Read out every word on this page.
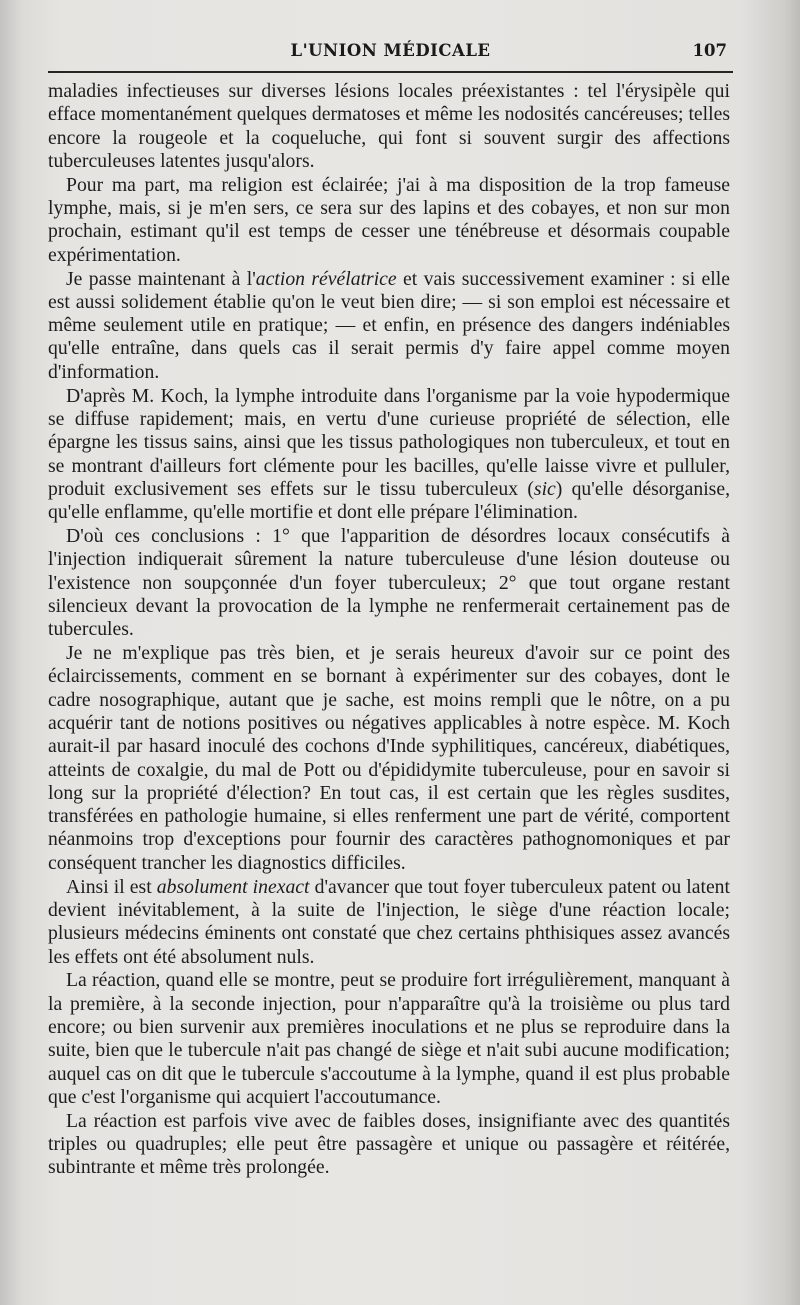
L'UNION MÉDICALE	107

maladies infectieuses sur diverses lésions locales préexistantes : tel l'érysipèle qui efface momentanément quelques dermatoses et même les nodosités cancéreuses; telles encore la rougeole et la coqueluche, qui font si souvent surgir des affections tuberculeuses latentes jusqu'alors.

Pour ma part, ma religion est éclairée; j'ai à ma disposition de la trop fameuse lymphe, mais, si je m'en sers, ce sera sur des lapins et des cobayes, et non sur mon prochain, estimant qu'il est temps de cesser une ténébreuse et désormais coupable expérimentation.

Je passe maintenant à l'action révélatrice et vais successivement examiner : si elle est aussi solidement établie qu'on le veut bien dire; — si son emploi est nécessaire et même seulement utile en pratique; — et enfin, en présence des dangers indéniables qu'elle entraîne, dans quels cas il serait permis d'y faire appel comme moyen d'information.

D'après M. Koch, la lymphe introduite dans l'organisme par la voie hypodermique se diffuse rapidement; mais, en vertu d'une curieuse propriété de sélection, elle épargne les tissus sains, ainsi que les tissus pathologiques non tuberculeux, et tout en se montrant d'ailleurs fort clémente pour les bacilles, qu'elle laisse vivre et pulluler, produit exclusivement ses effets sur le tissu tuberculeux (sic) qu'elle désorganise, qu'elle enflamme, qu'elle mortifie et dont elle prépare l'élimination.

D'où ces conclusions : 1° que l'apparition de désordres locaux consécutifs à l'injection indiquerait sûrement la nature tuberculeuse d'une lésion douteuse ou l'existence non soupçonnée d'un foyer tuberculeux; 2° que tout organe restant silencieux devant la provocation de la lymphe ne renfermerait certainement pas de tubercules.

Je ne m'explique pas très bien, et je serais heureux d'avoir sur ce point des éclaircissements, comment en se bornant à expérimenter sur des cobayes, dont le cadre nosographique, autant que je sache, est moins rempli que le nôtre, on a pu acquérir tant de notions positives ou négatives applicables à notre espèce. M. Koch aurait-il par hasard inoculé des cochons d'Inde syphilitiques, cancéreux, diabétiques, atteints de coxalgie, du mal de Pott ou d'épididymite tuberculeuse, pour en savoir si long sur la propriété d'élection? En tout cas, il est certain que les règles susdites, transférées en pathologie humaine, si elles renferment une part de vérité, comportent néanmoins trop d'exceptions pour fournir des caractères pathognomoniques et par conséquent trancher les diagnostics difficiles.

Ainsi il est absolument inexact d'avancer que tout foyer tuberculeux patent ou latent devient inévitablement, à la suite de l'injection, le siège d'une réaction locale; plusieurs médecins éminents ont constaté que chez certains phthisiques assez avancés les effets ont été absolument nuls.

La réaction, quand elle se montre, peut se produire fort irrégulièrement, manquant à la première, à la seconde injection, pour n'apparaître qu'à la troisième ou plus tard encore; ou bien survenir aux premières inoculations et ne plus se reproduire dans la suite, bien que le tubercule n'ait pas changé de siège et n'ait subi aucune modification; auquel cas on dit que le tubercule s'accoutume à la lymphe, quand il est plus probable que c'est l'organisme qui acquiert l'accoutumance.

La réaction est parfois vive avec de faibles doses, insignifiante avec des quantités triples ou quadruples; elle peut être passagère et unique ou passagère et réitérée, subintrante et même très prolongée.
